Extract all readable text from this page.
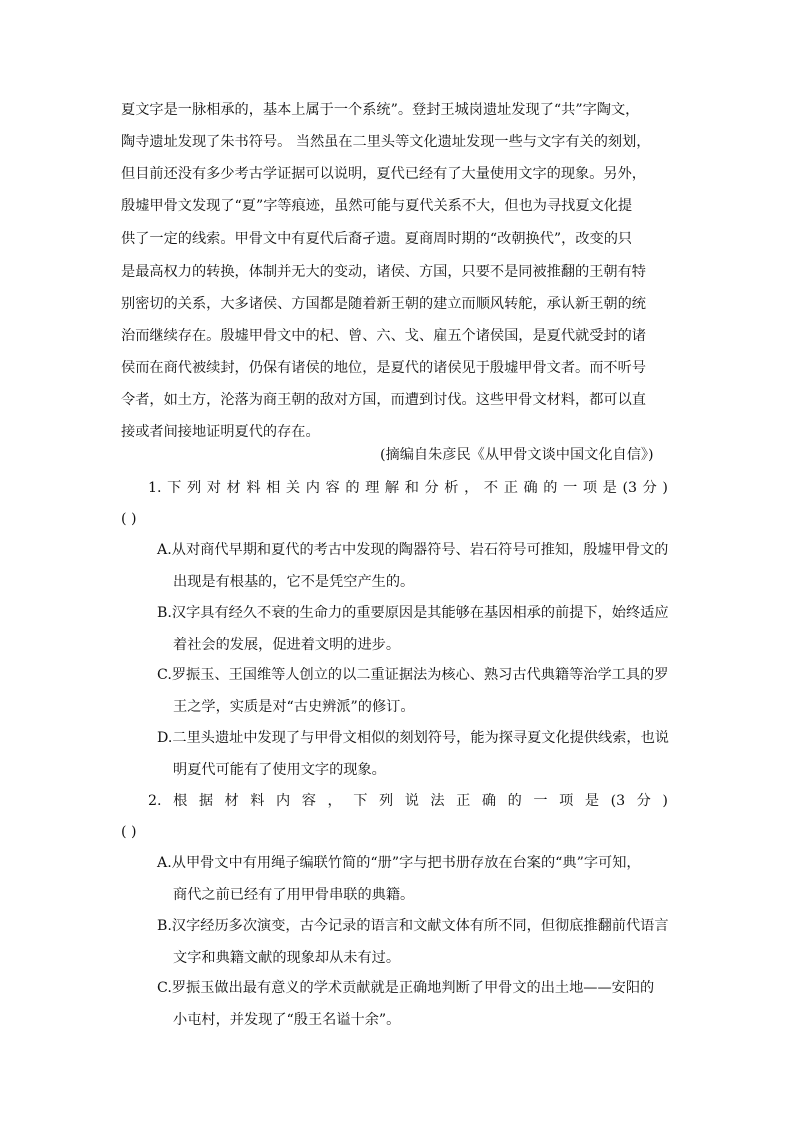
夏文字是一脉相承的，基本上属于一个系统”。登封王城岗遗址发现了“共”字陶文，
陶寺遗址发现了朱书符号。 当然虽在二里头等文化遗址发现一些与文字有关的刻划，
但目前还没有多少考古学证据可以说明，夏代已经有了大量使用文字的现象。另外，
殷墟甲骨文发现了“夏”字等痕迹，虽然可能与夏代关系不大，但也为寻找夏文化提
供了一定的线索。甲骨文中有夏代后裔孑遗。夏商周时期的“改朝换代”，改变的只
是最高权力的转换，体制并无大的变动，诸侯、方国，只要不是同被推翻的王朝有特
别密切的关系，大多诸侯、方国都是随着新王朝的建立而顺风转舵，承认新王朝的统
治而继续存在。殷墟甲骨文中的杞、曾、六、戈、雇五个诸侯国，是夏代就受封的诸
侯而在商代被续封，仍保有诸侯的地位，是夏代的诸侯见于殷墟甲骨文者。而不听号
令者，如土方，沦落为商王朝的敌对方国，而遭到讨伐。这些甲骨文材料，都可以直
接或者间接地证明夏代的存在。
(摘编自朱彦民《从甲骨文谈中国文化自信》)
1. 下 列 对 材 料 相 关 内 容 的 理 解 和 分 析 ， 不 正 确 的 一 项 是 (3 分 )
( )
A.从对商代早期和夏代的考古中发现的陶器符号、岩石符号可推知，殷墟甲骨文的
出现是有根基的，它不是凭空产生的。
B.汉字具有经久不衰的生命力的重要原因是其能够在基因相承的前提下，始终适应
着社会的发展，促进着文明的进步。
C.罗振玉、王国维等人创立的以二重证据法为核心、熟习古代典籍等治学工具的罗
王之学，实质是对“古史辨派”的修订。
D.二里头遗址中发现了与甲骨文相似的刻划符号，能为探寻夏文化提供线索，也说
明夏代可能有了使用文字的现象。
2. 根 据 材 料 内 容 ， 下 列 说 法 正 确 的 一 项 是 (3 分 )
( )
A.从甲骨文中有用绳子编联竹简的“册”字与把书册存放在台案的“典”字可知，
商代之前已经有了用甲骨串联的典籍。
B.汉字经历多次演变，古今记录的语言和文献文体有所不同，但彻底推翻前代语言
文字和典籍文献的现象却从未有过。
C.罗振玉做出最有意义的学术贡献就是正确地判断了甲骨文的出土地——安阳的
小屯村，并发现了“殷王名谥十余”。
